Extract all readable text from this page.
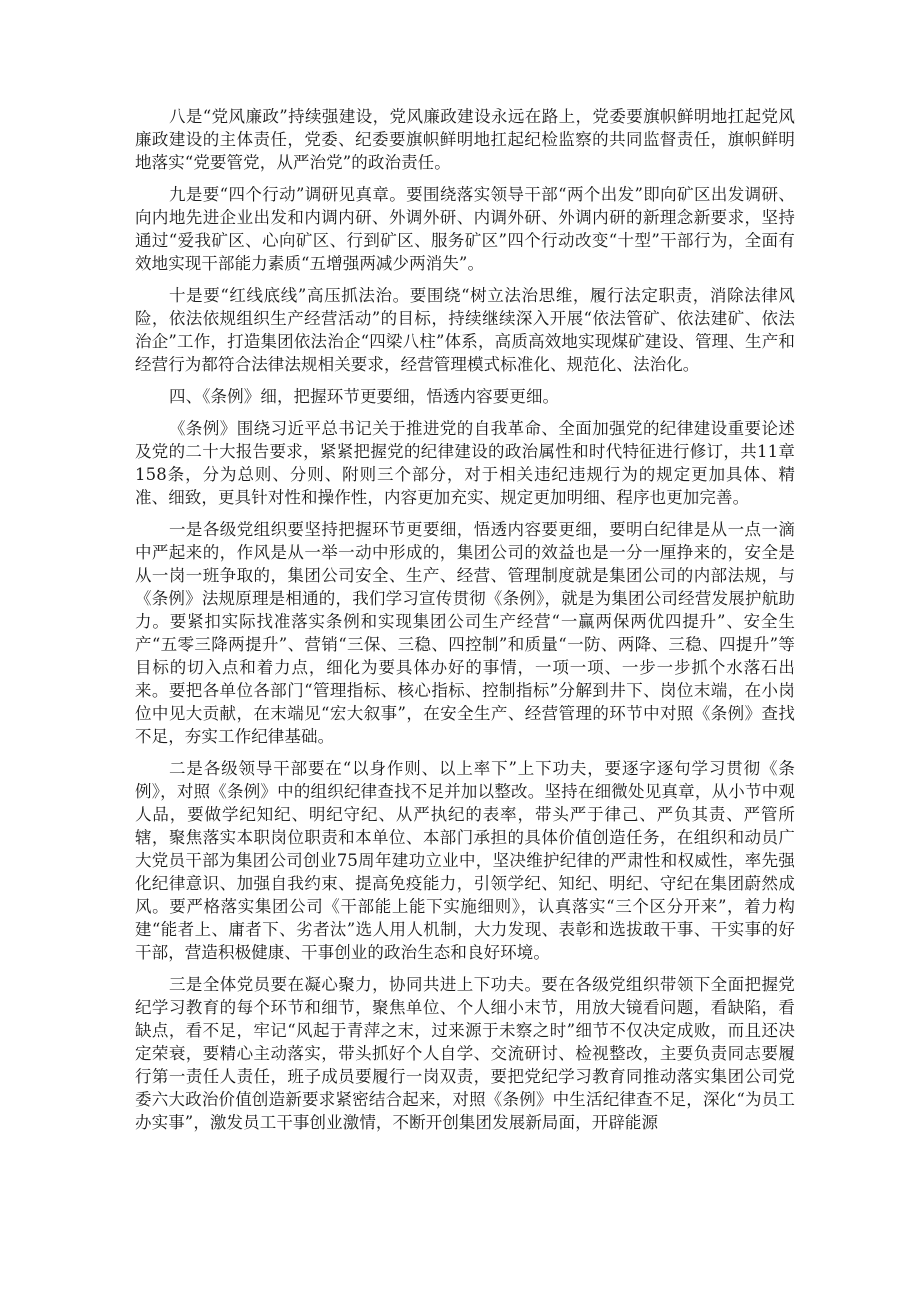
八是“党风廉政”持续强建设，党风廉政建设永远在路上，党委要旗帜鲜明地扛起党风廉政建设的主体责任，党委、纪委要旗帜鲜明地扛起纪检监察的共同监督责任，旗帜鲜明地落实“党要管党，从严治党”的政治责任。

九是要“四个行动”调研见真章。要围绕落实领导干部“两个出发”即向矿区出发调研、向内地先进企业出发和内调内研、外调外研、内调外研、外调内研的新理念新要求，坚持通过“爱我矿区、心向矿区、行到矿区、服务矿区”四个行动改变“十型”干部行为，全面有效地实现干部能力素质“五增强两减少两消失”。

十是要“红线底线”高压抓法治。要围绕“树立法治思维，履行法定职责，消除法律风险，依法依规组织生产经营活动”的目标，持续继续深入开展“依法管矿、依法建矿、依法治企”工作，打造集团依法治企“四梁八柱”体系，高质高效地实现煤矿建设、管理、生产和经营行为都符合法律法规相关要求，经营管理模式标准化、规范化、法治化。

四、《条例》细，把握环节更要细，悟透内容要更细。

《条例》围绕习近平总书记关于推进党的自我革命、全面加强党的纪律建设重要论述及党的二十大报告要求，紧紧把握党的纪律建设的政治属性和时代特征进行修订，共11章158条，分为总则、分则、附则三个部分，对于相关违纪违规行为的规定更加具体、精准、细致，更具针对性和操作性，内容更加充实、规定更加明细、程序也更加完善。

一是各级党组织要坚持把握环节更要细，悟透内容要更细，要明白纪律是从一点一滴中严起来的，作风是从一举一动中形成的，集团公司的效益也是一分一厘挣来的，安全是从一岗一班争取的，集团公司安全、生产、经营、管理制度就是集团公司的内部法规，与《条例》法规原理是相通的，我们学习宣传贯彻《条例》，就是为集团公司经营发展护航助力。要紧扣实际找准落实条例和实现集团公司生产经营“一赢两保两优四提升”、安全生产“五零三降两提升”、营销“三保、三稳、四控制”和质量“一防、两降、三稳、四提升”等目标的切入点和着力点，细化为要具体办好的事情，一项一项、一步一步抓个水落石出来。要把各单位各部门“管理指标、核心指标、控制指标”分解到井下、岗位末端，在小岗位中见大贡献，在末端见“宏大叙事”，在安全生产、经营管理的环节中对照《条例》查找不足，夯实工作纪律基础。

二是各级领导干部要在“以身作则、以上率下”上下功夫，要逐字逐句学习贯彻《条例》，对照《条例》中的组织纪律查找不足并加以整改。坚持在细微处见真章，从小节中观人品，要做学纪知纪、明纪守纪、从严执纪的表率，带头严于律己、严负其责、严管所辖，聚焦落实本职岗位职责和本单位、本部门承担的具体价值创造任务，在组织和动员广大党员干部为集团公司创业75周年建功立业中，坚决维护纪律的严肃性和权威性，率先强化纪律意识、加强自我约束、提高免疫能力，引领学纪、知纪、明纪、守纪在集团蔚然成风。要严格落实集团公司《干部能上能下实施细则》，认真落实“三个区分开来”，着力构建“能者上、庸者下、劣者汰”选人用人机制，大力发现、表彰和选拔敢干事、干实事的好干部，营造积极健康、干事创业的政治生态和良好环境。

三是全体党员要在凝心聚力，协同共进上下功夫。要在各级党组织带领下全面把握党纪学习教育的每个环节和细节，聚焦单位、个人细小末节，用放大镜看问题，看缺陷，看缺点，看不足，牢记“风起于青萍之末，过来源于未察之时”细节不仅决定成败，而且还决定荣衰，要精心主动落实，带头抓好个人自学、交流研讨、检视整改，主要负责同志要履行第一责任人责任，班子成员要履行一岗双责，要把党纪学习教育同推动落实集团公司党委六大政治价值创造新要求紧密结合起来，对照《条例》中生活纪律查不足，深化“为员工办实事”，激发员工干事创业激情，不断开创集团发展新局面，开辟能源
